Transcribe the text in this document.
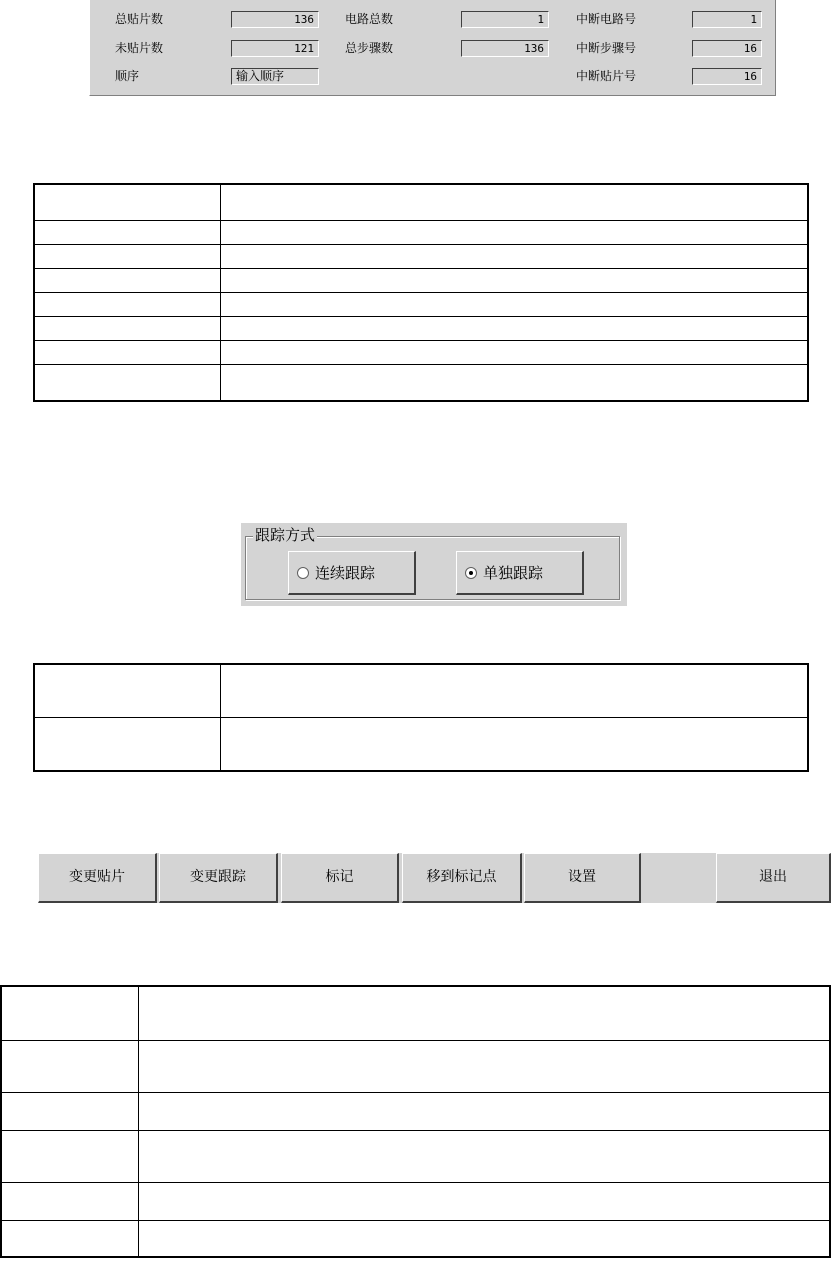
总贴片数	136	电路总数	1	中断电路号	1
未贴片数	121	总步骤数	136	中断步骤号	16
顺序	输入顺序	中断贴片号	16

跟踪方式
连续跟踪	单独跟踪

变更贴片	变更跟踪	标记	移到标记点	设置	退出
